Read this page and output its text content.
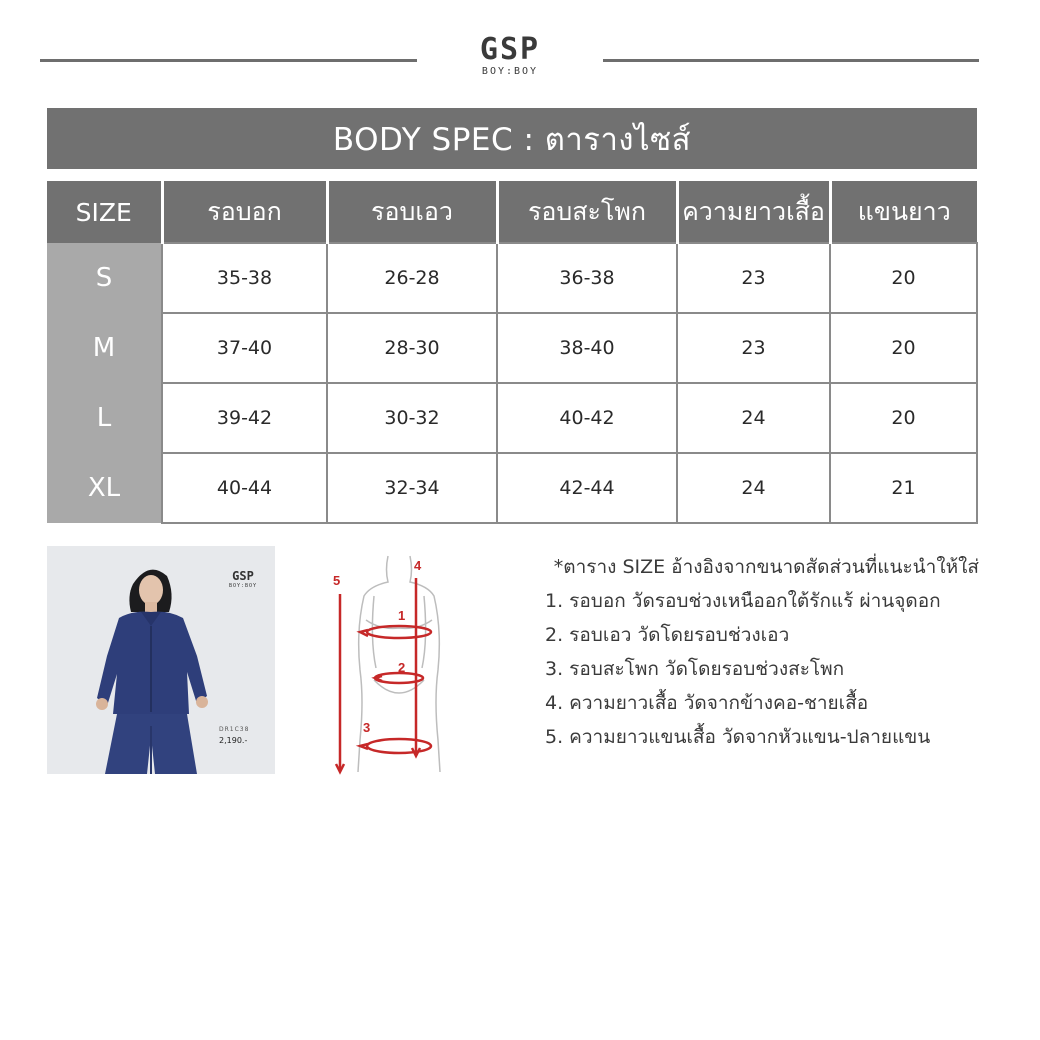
GSP
BOY:BOY
BODY SPEC : ตารางไซส์
SIZE	รอบอก	รอบเอว	รอบสะโพก	ความยาวเสื้อ	แขนยาว
S	35-38	26-28	36-38	23	20
M	37-40	28-30	38-40	23	20
L	39-42	30-32	40-42	24	20
XL	40-44	32-34	42-44	24	21
GSP
BOY:BOY
DR1C38
2,190.-
5
4
1
2
3
*ตาราง SIZE อ้างอิงจากขนาดสัดส่วนที่แนะนำให้ใส่
1. รอบอก วัดรอบช่วงเหนืออกใต้รักแร้ ผ่านจุดอก
2. รอบเอว วัดโดยรอบช่วงเอว
3. รอบสะโพก วัดโดยรอบช่วงสะโพก
4. ความยาวเสื้อ วัดจากข้างคอ-ชายเสื้อ
5. ความยาวแขนเสื้อ วัดจากหัวแขน-ปลายแขน
